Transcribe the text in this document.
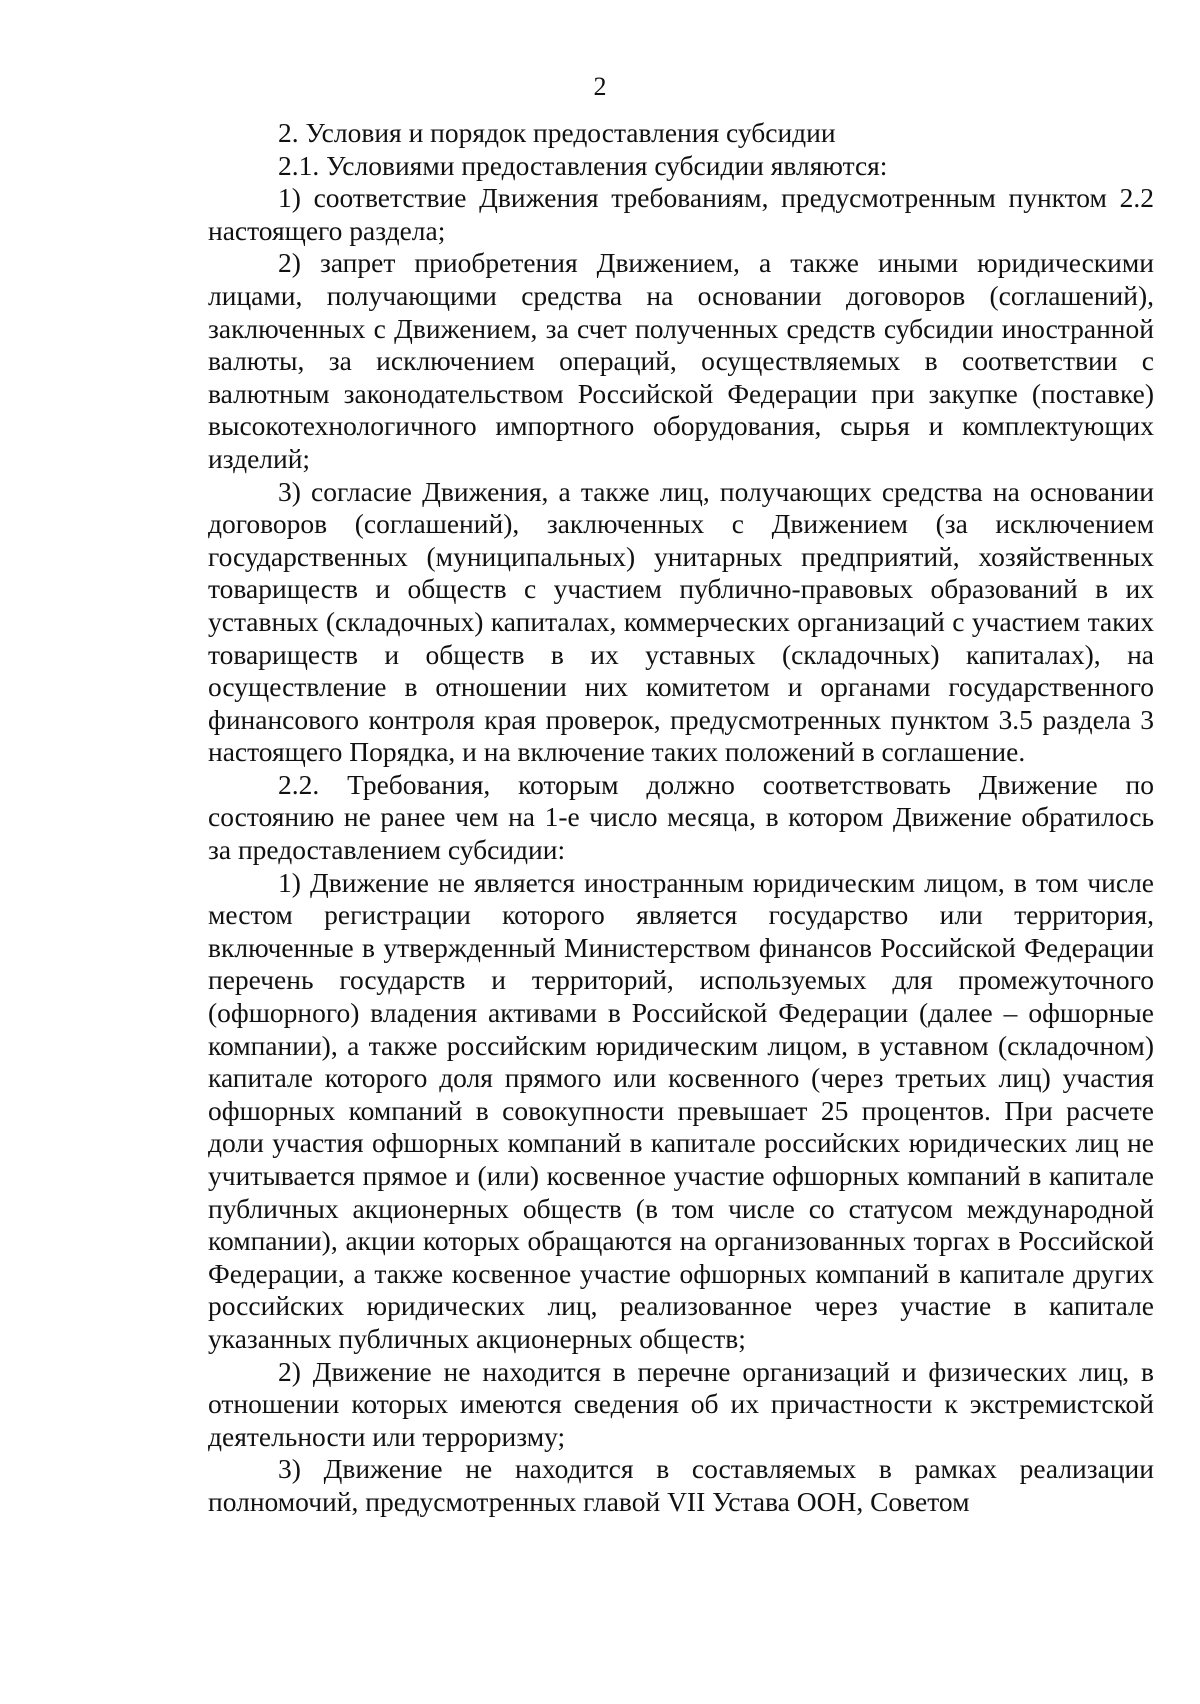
2

2. Условия и порядок предоставления субсидии

2.1. Условиями предоставления субсидии являются:

1) соответствие Движения требованиям, предусмотренным пунктом 2.2 настоящего раздела;

2) запрет приобретения Движением, а также иными юридическими лицами, получающими средства на основании договоров (соглашений), заключенных с Движением, за счет полученных средств субсидии иностранной валюты, за исключением операций, осуществляемых в соответствии с валютным законодательством Российской Федерации при закупке (поставке) высокотехнологичного импортного оборудования, сырья и комплектующих изделий;

3) согласие Движения, а также лиц, получающих средства на основании договоров (соглашений), заключенных с Движением (за исключением государственных (муниципальных) унитарных предприятий, хозяйственных товариществ и обществ с участием публично-правовых образований в их уставных (складочных) капиталах, коммерческих организаций с участием таких товариществ и обществ в их уставных (складочных) капиталах), на осуществление в отношении них комитетом и органами государственного финансового контроля края проверок, предусмотренных пунктом 3.5 раздела 3 настоящего Порядка, и на включение таких положений в соглашение.

2.2. Требования, которым должно соответствовать Движение по состоянию не ранее чем на 1-е число месяца, в котором Движение обратилось за предоставлением субсидии:

1) Движение не является иностранным юридическим лицом, в том числе местом регистрации которого является государство или территория, включенные в утвержденный Министерством финансов Российской Федерации перечень государств и территорий, используемых для промежуточного (офшорного) владения активами в Российской Федерации (далее – офшорные компании), а также российским юридическим лицом, в уставном (складочном) капитале которого доля прямого или косвенного (через третьих лиц) участия офшорных компаний в совокупности превышает 25 процентов. При расчете доли участия офшорных компаний в капитале российских юридических лиц не учитывается прямое и (или) косвенное участие офшорных компаний в капитале публичных акционерных обществ (в том числе со статусом международной компании), акции которых обращаются на организованных торгах в Российской Федерации, а также косвенное участие офшорных компаний в капитале других российских юридических лиц, реализованное через участие в капитале указанных публичных акционерных обществ;

2) Движение не находится в перечне организаций и физических лиц, в отношении которых имеются сведения об их причастности к экстремистской деятельности или терроризму;

3) Движение не находится в составляемых в рамках реализации полномочий, предусмотренных главой VII Устава ООН, Советом
